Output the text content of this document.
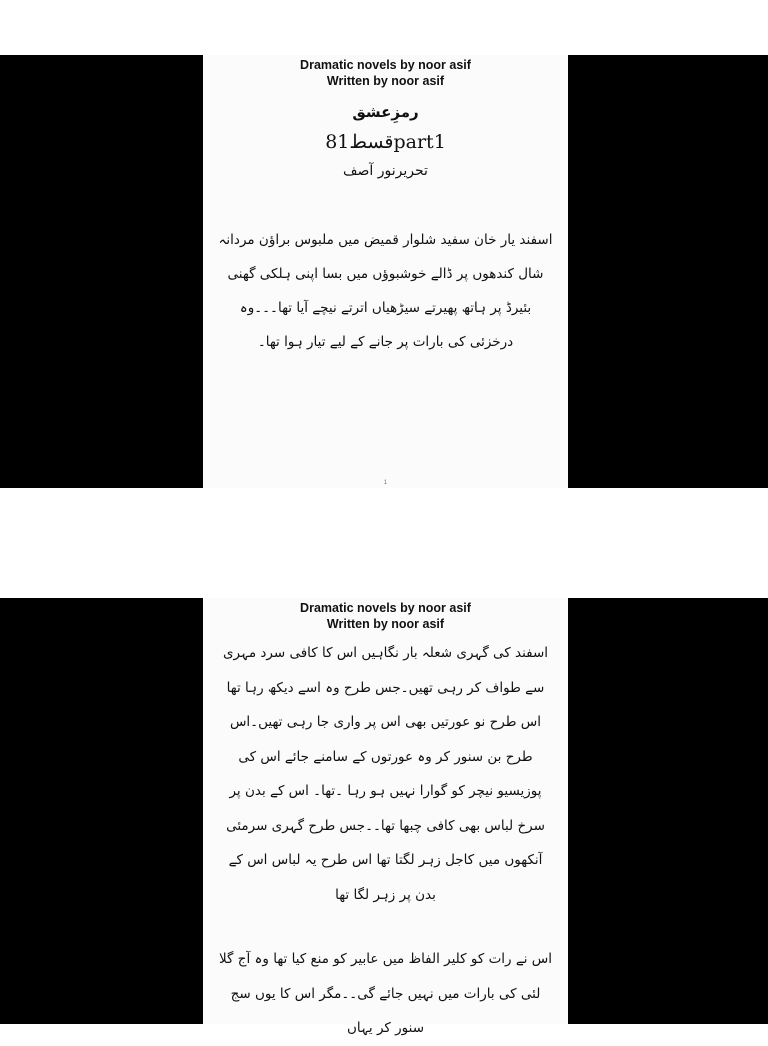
Dramatic novels by noor asif
Written by noor asif
رمزِعشق
قسط81part1
تحریرنور آصف
اسفند یار خان سفید شلوار قمیض میں ملبوس براؤن مردانہ شال کندھوں پر ڈالے خوشبوؤں میں بسا اپنی ہلکی گھنی بئیرڈ پر ہاتھ پھیرتے سیڑھیاں اترتے نیچے آیا تھا۔۔۔وہ درخزئی کی بارات پر جانے کے لیے تیار ہوا تھا۔
1
Dramatic novels by noor asif
Written by noor asif
اسفند کی گہری شعلہ بار نگاہیں اس کا کافی سرد مہری سے طواف کر رہی تھیں۔جس طرح وہ اسے دیکھ رہا تھا اس طرح نو عورتیں بھی اس پر واری جا رہی تھیں۔اس طرح بن سنور کر وہ عورتوں کے سامنے جائے اس کی پوزیسیو نیچر کو گوارا نہیں ہو رہا ۔تھا۔ اس کے بدن پر سرخ لباس بھی کافی چبھا تھا۔۔جس طرح گہری سرمئی آنکھوں میں کاجل زہر لگتا تھا اس طرح یہ لباس اس کے بدن پر زہر لگا تھا
اس نے رات کو کلیر الفاظ میں عابیر کو منع کیا تھا وہ آج گلا لئی کی بارات میں نہیں جائے گی۔۔مگر اس کا یوں سج سنور کر یہاں
